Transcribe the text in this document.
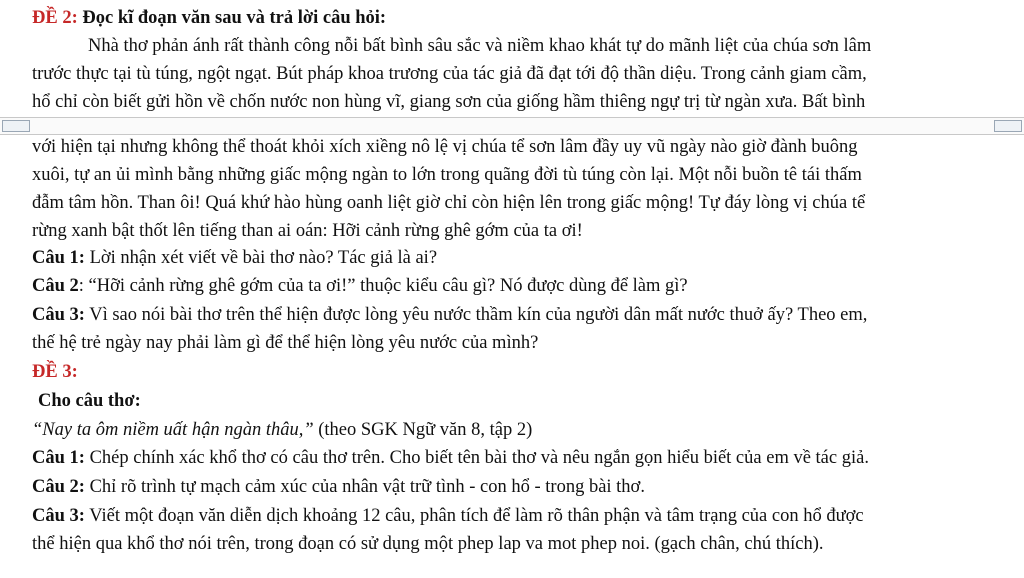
ĐỀ 2: Đọc kĩ đoạn văn sau và trả lời câu hỏi:
Nhà thơ phản ánh rất thành công nỗi bất bình sâu sắc và niềm khao khát tự do mãnh liệt của chúa sơn lâm
trước thực tại tù túng, ngột ngạt. Bút pháp khoa trương của tác giả đã đạt tới độ thần diệu. Trong cảnh giam cầm,
hổ chỉ còn biết gửi hồn về chốn nước non hùng vĩ, giang sơn của giống hầm thiêng ngự trị từ ngàn xưa. Bất bình
với hiện tại nhưng không thể thoát khỏi xích xiềng nô lệ vị chúa tể sơn lâm đầy uy vũ ngày nào giờ đành buông
xuôi, tự an ủi mình bằng những giấc mộng ngàn to lớn trong quãng đời tù túng còn lại. Một nỗi buồn tê tái thấm
đẫm tâm hồn. Than ôi! Quá khứ hào hùng oanh liệt giờ chỉ còn hiện lên trong giấc mộng! Tự đáy lòng vị chúa tể
rừng xanh bật thốt lên tiếng than ai oán: Hỡi cảnh rừng ghê gớm của ta ơi!
Câu 1: Lời nhận xét viết về bài thơ nào? Tác giả là ai?
Câu 2: “Hỡi cảnh rừng ghê gớm của ta ơi!” thuộc kiểu câu gì? Nó được dùng để làm gì?
Câu 3: Vì sao nói bài thơ trên thể hiện được lòng yêu nước thầm kín của người dân mất nước thuở ấy? Theo em,
thế hệ trẻ ngày nay phải làm gì để thể hiện lòng yêu nước của mình?
ĐỀ 3:
Cho câu thơ:
“Nay ta ôm niềm uất hận ngàn thâu,” (theo SGK Ngữ văn 8, tập 2)
Câu 1: Chép chính xác khổ thơ có câu thơ trên. Cho biết tên bài thơ và nêu ngắn gọn hiểu biết của em về tác giả.
Câu 2: Chỉ rõ trình tự mạch cảm xúc của nhân vật trữ tình - con hổ - trong bài thơ.
Câu 3: Viết một đoạn văn diễn dịch khoảng 12 câu, phân tích để làm rõ thân phận và tâm trạng của con hổ được
thể hiện qua khổ thơ nói trên, trong đoạn có sử dụng một phep lap va mot phep noi. (gạch chân, chú thích).
